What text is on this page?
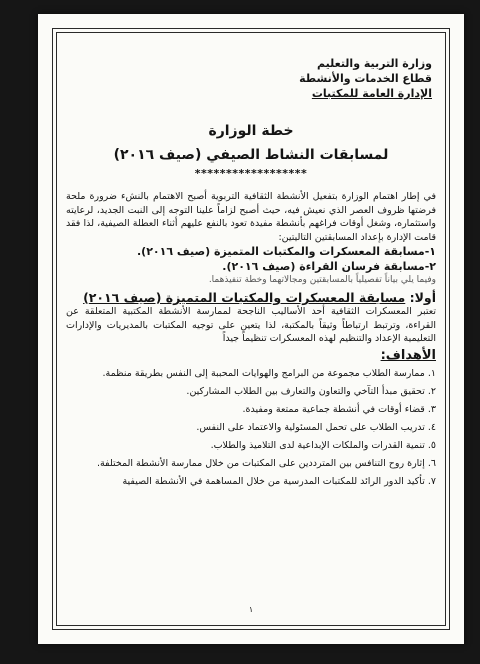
وزارة التربية والتعليم
قطاع الخدمات والأنشطة
الإدارة العامة للمكتبات
خطة الوزارة
لمسابقات النشاط الصيفي (صيف ٢٠١٦)
******************
في إطار اهتمام الوزارة بتفعيل الأنشطة الثقافية التربوية أصبح الاهتمام بالنشء ضرورة ملحة فرضتها ظروف العصر الذي نعيش فيه، حيث أصبح لزاماً علينا التوجه إلى النبت الجديد، لرعايته واستثماره، وشغل أوقات فراغهم بأنشطة مفيدة تعود بالنفع عليهم أثناء العطلة الصيفية، لذا فقد قامت الإدارة بإعداد المسابقتين التاليتين:
١-مسابقة المعسكرات والمكتبات المتميزة (صيف ٢٠١٦).
٢-مسابقة فرسان القراءة (صيف ٢٠١٦).
وفيما يلي بياناً تفصيلياً بالمسابقتين ومجالاتهما وخطة تنفيذهما.
أولا: مسابقة المعسكرات والمكتبات المتميزة (صيف ٢٠١٦)
تعتبر المعسكرات الثقافية أحد الأساليب الناجحة لممارسة الأنشطة المكتبية المتعلقة عن القراءة، وترتبط ارتباطاً وثيقاً بالمكتبة، لذا يتعين على توجيه المكتبات بالمديريات والإدارات التعليمية الإعداد والتنظيم لهذه المعسكرات تنظيماً جيداً
الأهداف:
١. ممارسة الطلاب مجموعة من البرامج والهوايات المحببة إلى النفس بطريقة منظمة.
٢. تحقيق مبدأ التآخي والتعاون والتعارف بين الطلاب المشاركين.
٣. قضاء أوقات في أنشطة جماعية ممتعة ومفيدة.
٤. تدريب الطلاب على تحمل المسئولية والاعتماد على النفس.
٥. تنمية القدرات والملكات الإبداعية لدى التلاميذ والطلاب.
٦. إثارة روح التنافس بين المترددين على المكتبات من خلال ممارسة الأنشطة المختلفة.
٧. تأكيد الدور الرائد للمكتبات المدرسية من خلال المساهمة في الأنشطة الصيفية
١
